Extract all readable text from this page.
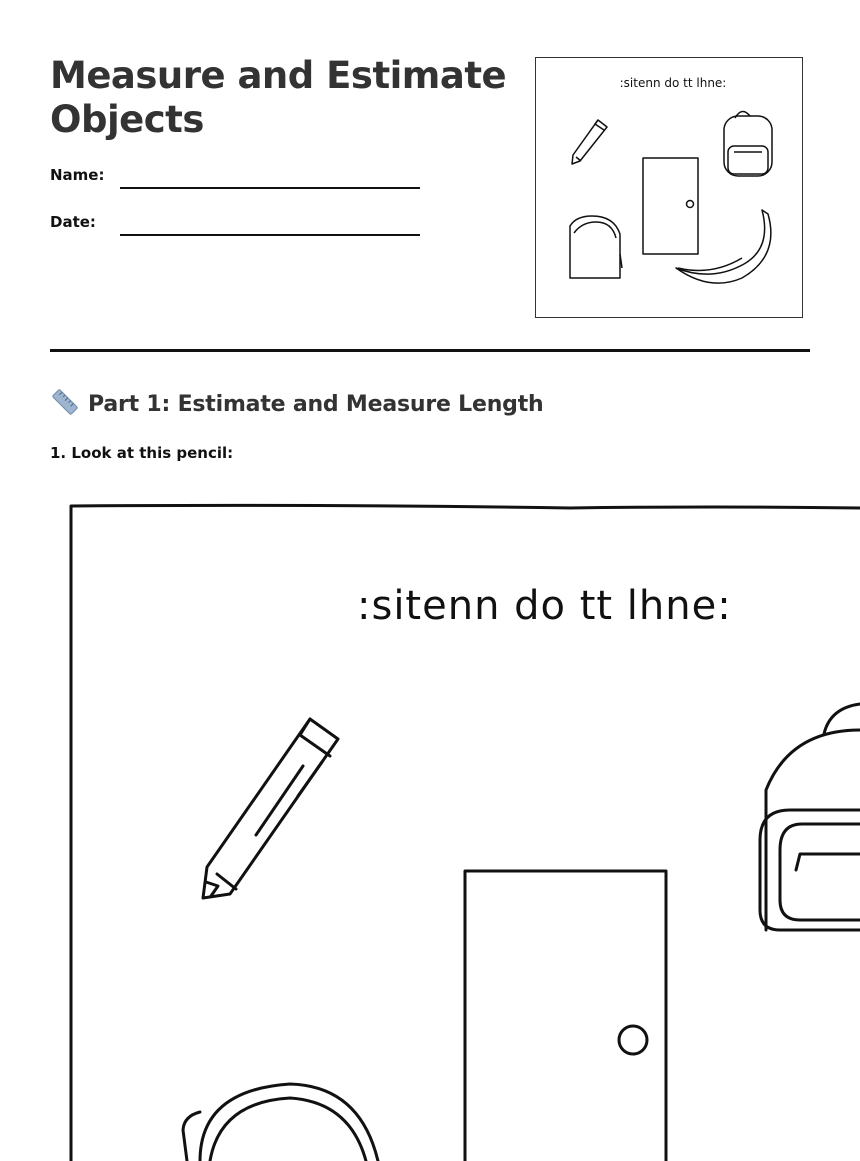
Measure and Estimate Objects
Name:
Date:
:sitenn do tt lhne:
Part 1: Estimate and Measure Length
1. Look at this pencil:
:sitenn do tt lhne:
